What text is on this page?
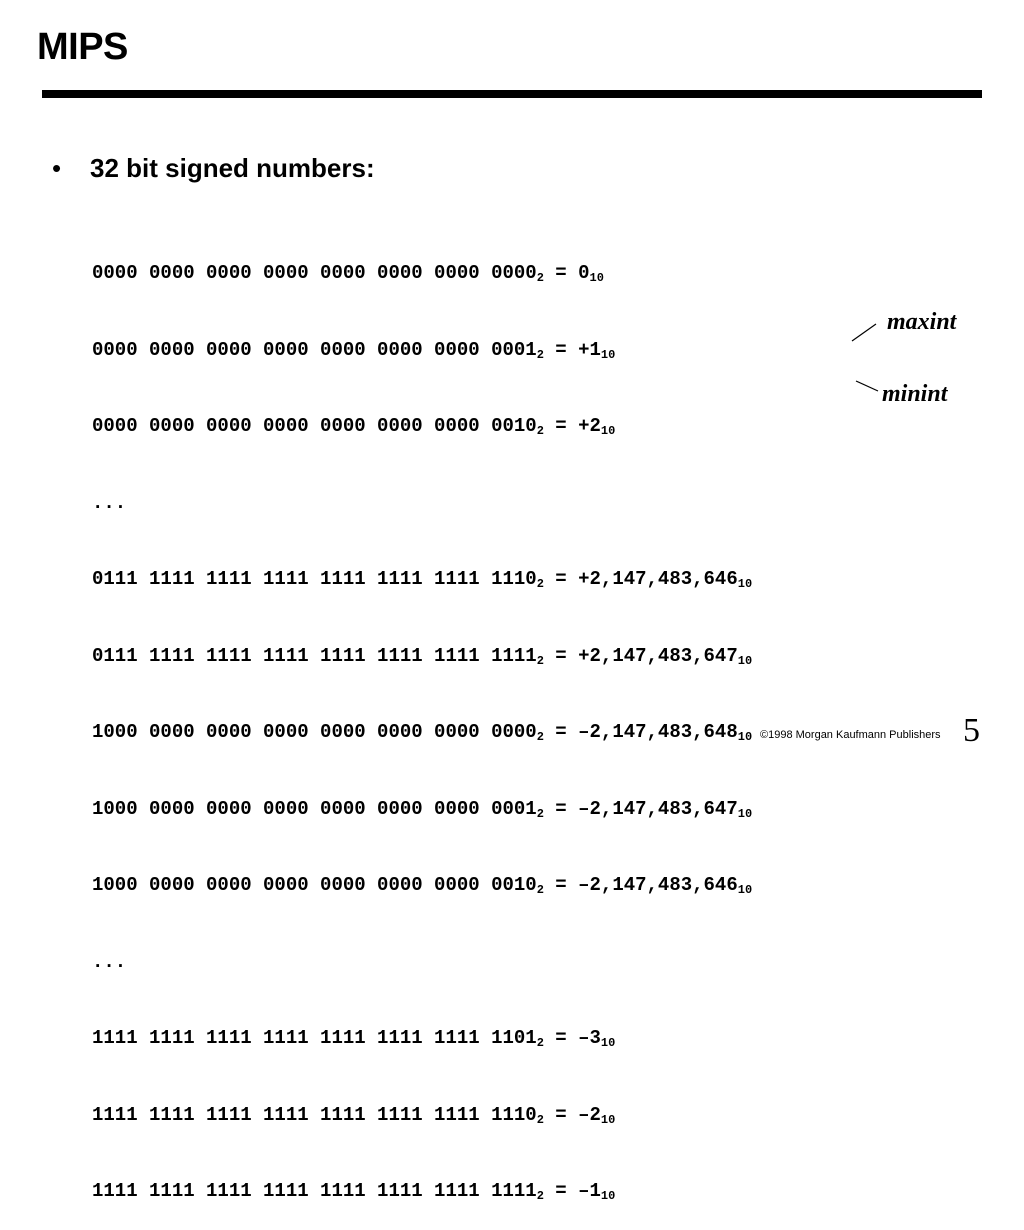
MIPS
• 32 bit signed numbers:

0000 0000 0000 0000 0000 0000 0000 $0000_2 = 0_{10}$

0000 0000 0000 0000 0000 0000 0000 $0001_2 = +1_{10}$

0000 0000 0000 0000 0000 0000 0000 $0010_2 = +2_{10}$

...

0111 1111 1111 1111 1111 1111 1111 $1110_2 = +2,147,483,646_{10}$

0111 1111 1111 1111 1111 1111 1111 $1111_2 = +2,147,483,647_{10}$

1000 0000 0000 0000 0000 0000 0000 $0000_2 = -2,147,483,648_{10}$

1000 0000 0000 0000 0000 0000 0000 $0001_2 = -2,147,483,647_{10}$

1000 0000 0000 0000 0000 0000 0000 $0010_2 = -2,147,483,646_{10}$

...

1111 1111 1111 1111 1111 1111 1111 $1101_2 = -3_{10}$

1111 1111 1111 1111 1111 1111 1111 $1110_2 = -2_{10}$

1111 1111 1111 1111 1111 1111 1111 $1111_2 = -1_{10}$

maxint
minint
©1998 Morgan Kaufmann Publishers 5
